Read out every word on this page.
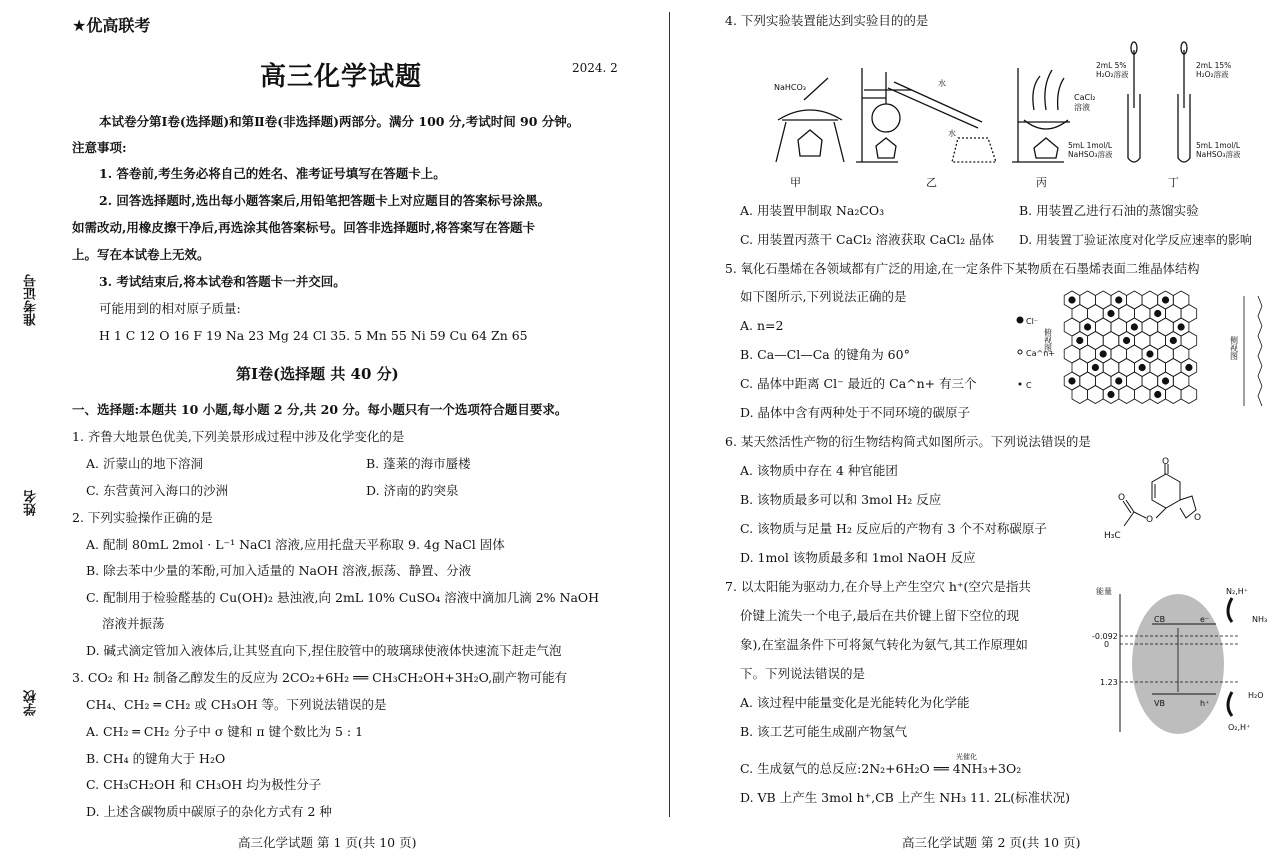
准考证号
姓名
学校
★优高联考
高三化学试题	2024. 2
本试卷分第Ⅰ卷(选择题)和第Ⅱ卷(非选择题)两部分。满分 100 分,考试时间 90 分钟。
注意事项:
1. 答卷前,考生务必将自己的姓名、准考证号填写在答题卡上。
2. 回答选择题时,选出每小题答案后,用铅笔把答题卡上对应题目的答案标号涂黑。
如需改动,用橡皮擦干净后,再选涂其他答案标号。回答非选择题时,将答案写在答题卡
上。写在本试卷上无效。
3. 考试结束后,将本试卷和答题卡一并交回。
可能用到的相对原子质量:
H 1 C 12 O 16 F 19 Na 23 Mg 24 Cl 35. 5 Mn 55 Ni 59 Cu 64 Zn 65
第Ⅰ卷(选择题 共 40 分)
一、选择题:本题共 10 小题,每小题 2 分,共 20 分。每小题只有一个选项符合题目要求。
1. 齐鲁大地景色优美,下列美景形成过程中涉及化学变化的是
A. 沂蒙山的地下溶洞	B. 蓬莱的海市蜃楼
C. 东营黄河入海口的沙洲	D. 济南的趵突泉
2. 下列实验操作正确的是
A. 配制 80mL 2mol · L⁻¹ NaCl 溶液,应用托盘天平称取 9. 4g NaCl 固体
B. 除去苯中少量的苯酚,可加入适量的 NaOH 溶液,振荡、静置、分液
C. 配制用于检验醛基的 Cu(OH)₂ 悬浊液,向 2mL 10% CuSO₄ 溶液中滴加几滴 2% NaOH
溶液并振荡
D. 碱式滴定管加入液体后,让其竖直向下,捏住胶管中的玻璃球使液体快速流下赶走气泡
3. CO₂ 和 H₂ 制备乙醇发生的反应为 2CO₂+6H₂ ══ CH₃CH₂OH+3H₂O,副产物可能有
CH₄、CH₂ ═ CH₂ 或 CH₃OH 等。下列说法错误的是
A. CH₂ ═ CH₂ 分子中 σ 键和 π 键个数比为 5 : 1
B. CH₄ 的键角大于 H₂O
C. CH₃CH₂OH 和 CH₃OH 均为极性分子
D. 上述含碳物质中碳原子的杂化方式有 2 种
高三化学试题 第 1 页(共 10 页)
4. 下列实验装置能达到实验目的的是
NaHCO₃	水
水
CaCl₂
溶液
2mL 5%
H₂O₂溶液
2mL 15%
H₂O₂溶液
5mL 1mol/L
NaHSO₃溶液
5mL 1mol/L
NaHSO₃溶液
甲	乙	丙	丁
A. 用装置甲制取 Na₂CO₃	B. 用装置乙进行石油的蒸馏实验
C. 用装置丙蒸干 CaCl₂ 溶液获取 CaCl₂ 晶体 D. 用装置丁验证浓度对化学反应速率的影响
5. 氧化石墨烯在各领域都有广泛的用途,在一定条件下某物质在石墨烯表面二维晶体结构
如下图所示,下列说法正确的是
A. n=2
B. Ca—Cl—Ca 的键角为 60°
C. 晶体中距离 Cl⁻ 最近的 Ca^n+ 有三个
D. 晶体中含有两种处于不同环境的碳原子
Cl⁻
Ca^n+
C
俯视图	侧视图
6. 某天然活性产物的衍生物结构简式如图所示。下列说法错误的是
A. 该物质中存在 4 种官能团
B. 该物质最多可以和 3mol H₂ 反应
C. 该物质与足量 H₂ 反应后的产物有 3 个不对称碳原子
D. 1mol 该物质最多和 1mol NaOH 反应
O
O
O
O
H₃C
7. 以太阳能为驱动力,在介导上产生空穴 h⁺(空穴是指共
价键上流失一个电子,最后在共价键上留下空位的现
象),在室温条件下可将氮气转化为氨气,其工作原理如
下。下列说法错误的是
A. 该过程中能量变化是光能转化为化学能
B. 该工艺可能生成副产物氢气
光催化
C. 生成氨气的总反应:2N₂+6H₂O ══ 4NH₃+3O₂
D. VB 上产生 3mol h⁺,CB 上产生 NH₃ 11. 2L(标准状况)
能量
-0.092
0
1.23
CB	e⁻
VB	h⁺
N₂,H⁺
NH₃
H₂O
O₂,H⁺
高三化学试题 第 2 页(共 10 页)
